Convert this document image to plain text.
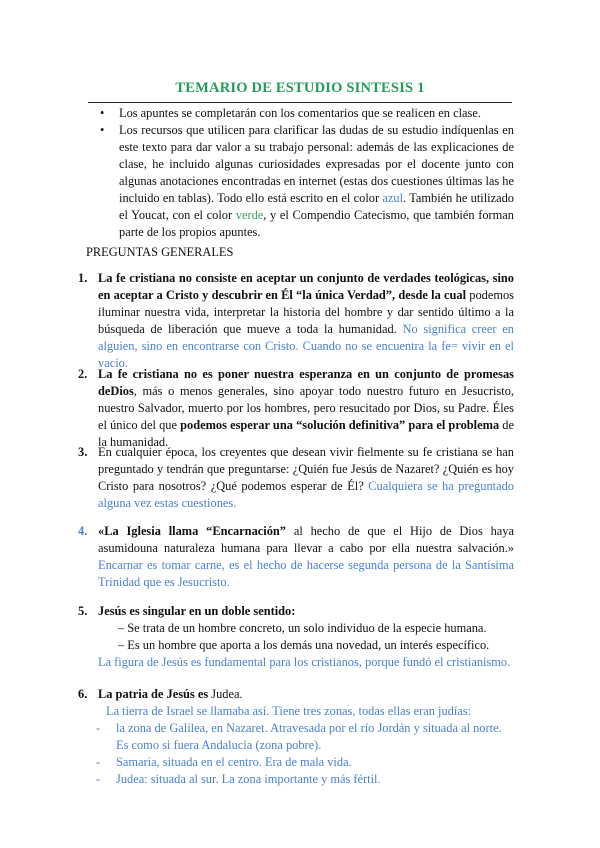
TEMARIO DE ESTUDIO SINTESIS 1
• Los apuntes se completarán con los comentarios que se realicen en clase.
• Los recursos que utilicen para clarificar las dudas de su estudio indíquenlas en este texto para dar valor a su trabajo personal: además de las explicaciones de clase, he incluido algunas curiosidades expresadas por el docente junto con algunas anotaciones encontradas en internet (estas dos cuestiones últimas las he incluido en tablas). Todo ello está escrito en el color azul. También he utilizado el Youcat, con el color verde, y el Compendio Catecismo, que también forman parte de los propios apuntes.
PREGUNTAS GENERALES
1. La fe cristiana no consiste en aceptar un conjunto de verdades teológicas, sino en aceptar a Cristo y descubrir en Él “la única Verdad”, desde la cual podemos iluminar nuestra vida, interpretar la historia del hombre y dar sentido último a la búsqueda de liberación que mueve a toda la humanidad. No significa creer en alguien, sino en encontrarse con Cristo. Cuando no se encuentra la fe= vivir en el vacío.
2. La fe cristiana no es poner nuestra esperanza en un conjunto de promesas deDios, más o menos generales, sino apoyar todo nuestro futuro en Jesucristo, nuestro Salvador, muerto por los hombres, pero resucitado por Dios, su Padre. Éles el único del que podemos esperar una “solución definitiva” para el problema de la humanidad.
3. En cualquier época, los creyentes que desean vivir fielmente su fe cristiana se han preguntado y tendrán que preguntarse: ¿Quién fue Jesús de Nazaret? ¿Quién es hoy Cristo para nosotros? ¿Qué podemos esperar de Él? Cualquiera se ha preguntado alguna vez estas cuestiones.
4. «La Iglesia llama “Encarnación” al hecho de que el Hijo de Dios haya asumidouna naturaleza humana para llevar a cabo por ella nuestra salvación.» Encarnar es tomar carne, es el hecho de hacerse segunda persona de la Santísima Trinidad que es Jesucristo.
5. Jesús es singular en un doble sentido:
– Se trata de un hombre concreto, un solo individuo de la especie humana.
– Es un hombre que aporta a los demás una novedad, un interés específico.
La figura de Jesús es fundamental para los cristianos, porque fundó el cristianismo.
6. La patria de Jesús es Judea.
La tierra de Israel se llamaba así. Tiene tres zonas, todas ellas eran judías:
- la zona de Galilea, en Nazaret. Atravesada por el río Jordán y situada al norte. Es como si fuera Andalucía (zona pobre).
- Samaria, situada en el centro. Era de mala vida.
- Judea: situada al sur. La zona importante y más fértil.
